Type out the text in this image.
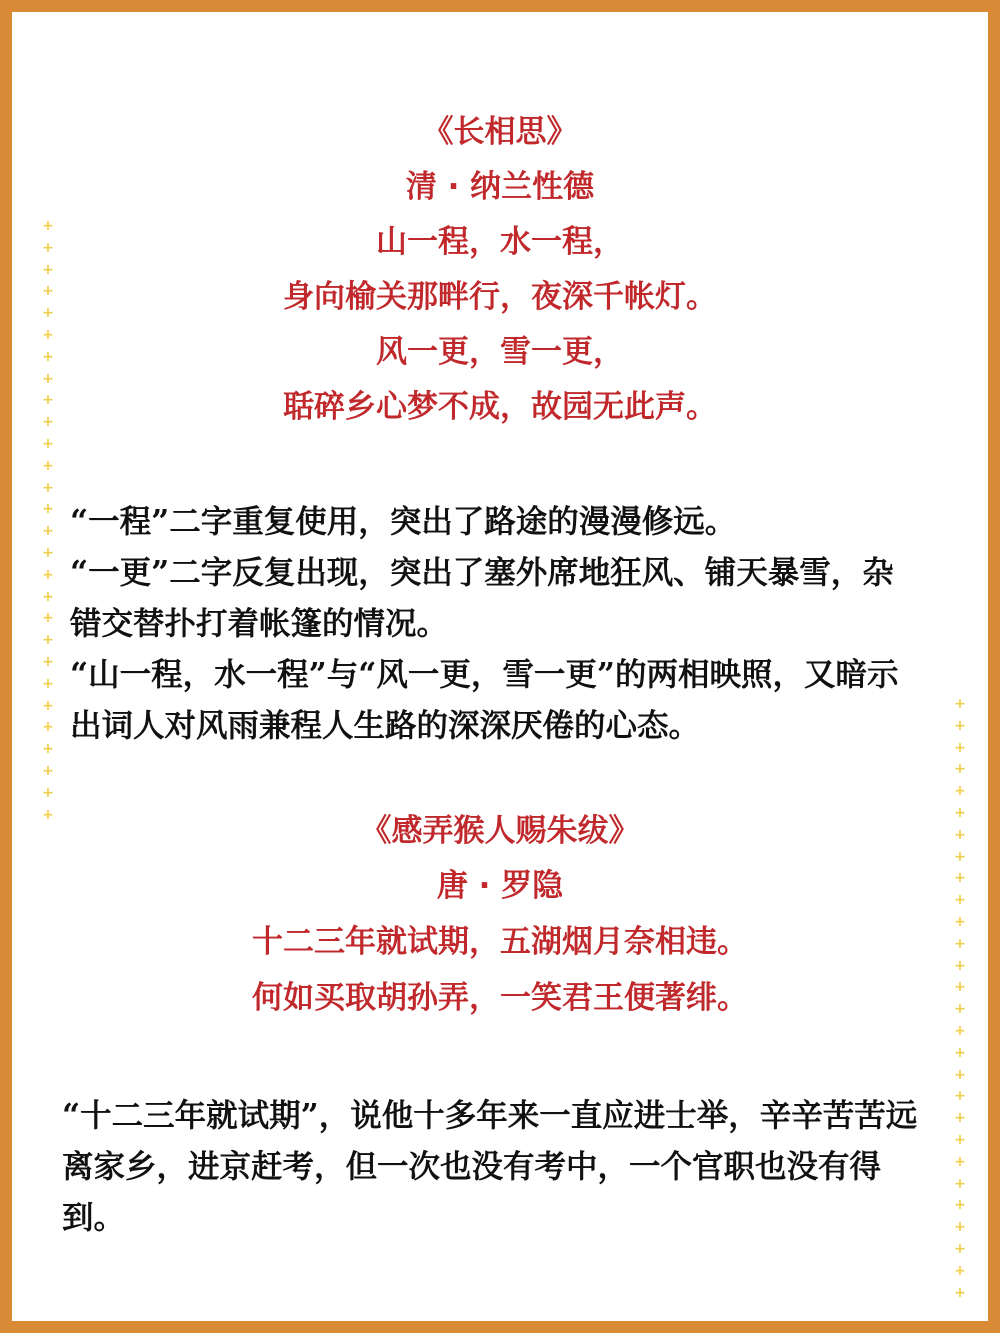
+
+
+
+
+
+
+
+
+
+
+
+
+
+
+
+
+
+
+
+
+
+
+
+
+
+
+
+
+
+
+
+
+
+
+
+
+
+
+
+
+
+
+
+
+
+
+
+
+
+
+
+
+
+
+
+
《长相思》
清 · 纳兰性德
山一程，水一程，
身向榆关那畔行，夜深千帐灯。
风一更，雪一更，
聒碎乡心梦不成，故园无此声。
“一程”二字重复使用，突出了路途的漫漫修远。
“一更”二字反复出现，突出了塞外席地狂风、铺天暴雪，杂错交替扑打着帐篷的情况。
“山一程，水一程”与“风一更，雪一更”的两相映照，又暗示出词人对风雨兼程人生路的深深厌倦的心态。
《感弄猴人赐朱绂》
唐 · 罗隐
十二三年就试期，五湖烟月奈相违。
何如买取胡孙弄，一笑君王便著绯。
“十二三年就试期”，说他十多年来一直应进士举，辛辛苦苦远离家乡，进京赶考，但一次也没有考中，一个官职也没有得到。
